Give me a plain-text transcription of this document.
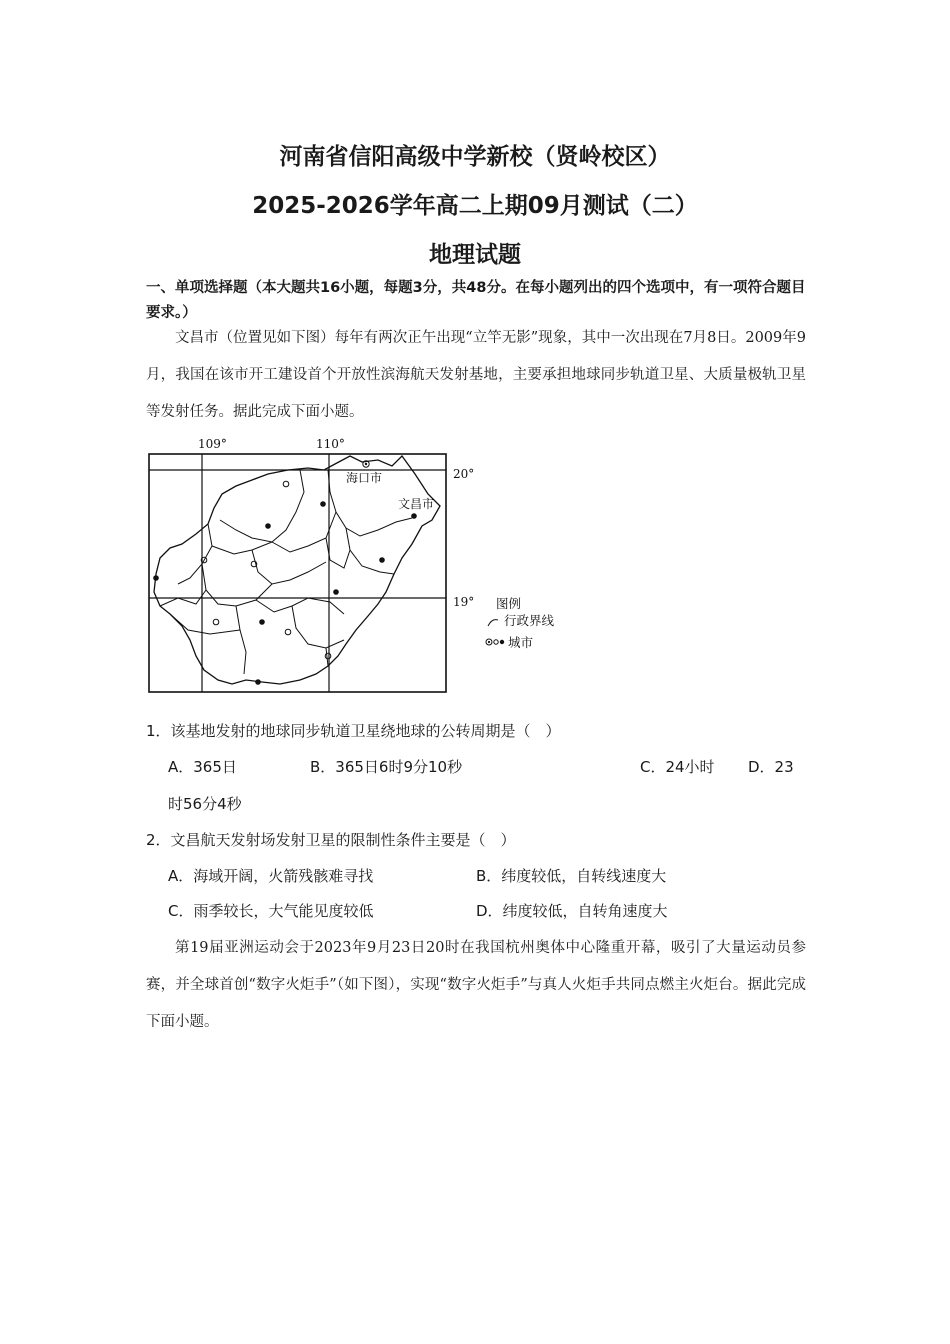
河南省信阳高级中学新校（贤岭校区）
2025-2026学年高二上期09月测试（二）
地理试题
一、单项选择题（本大题共16小题，每题3分，共48分。在每小题列出的四个选项中，有一项符合题目要求。）
文昌市（位置见如下图）每年有两次正午出现“立竿无影”现象，其中一次出现在7月8日。2009年9月，我国在该市开工建设首个开放性滨海航天发射基地，主要承担地球同步轨道卫星、大质量极轨卫星等发射任务。据此完成下面小题。
109°	110°
20°
19°
海口市
文昌市
图例
行政界线
城市
1．该基地发射的地球同步轨道卫星绕地球的公转周期是（　）
A．365日	B．365日6时9分10秒	C．24小时 D．23
时56分4秒
2．文昌航天发射场发射卫星的限制性条件主要是（　）
A．海域开阔，火箭残骸难寻找	B．纬度较低，自转线速度大
C．雨季较长，大气能见度较低	D．纬度较低，自转角速度大
第19届亚洲运动会于2023年9月23日20时在我国杭州奥体中心隆重开幕，吸引了大量运动员参赛，并全球首创“数字火炬手”（如下图），实现“数字火炬手”与真人火炬手共同点燃主火炬台。据此完成下面小题。
